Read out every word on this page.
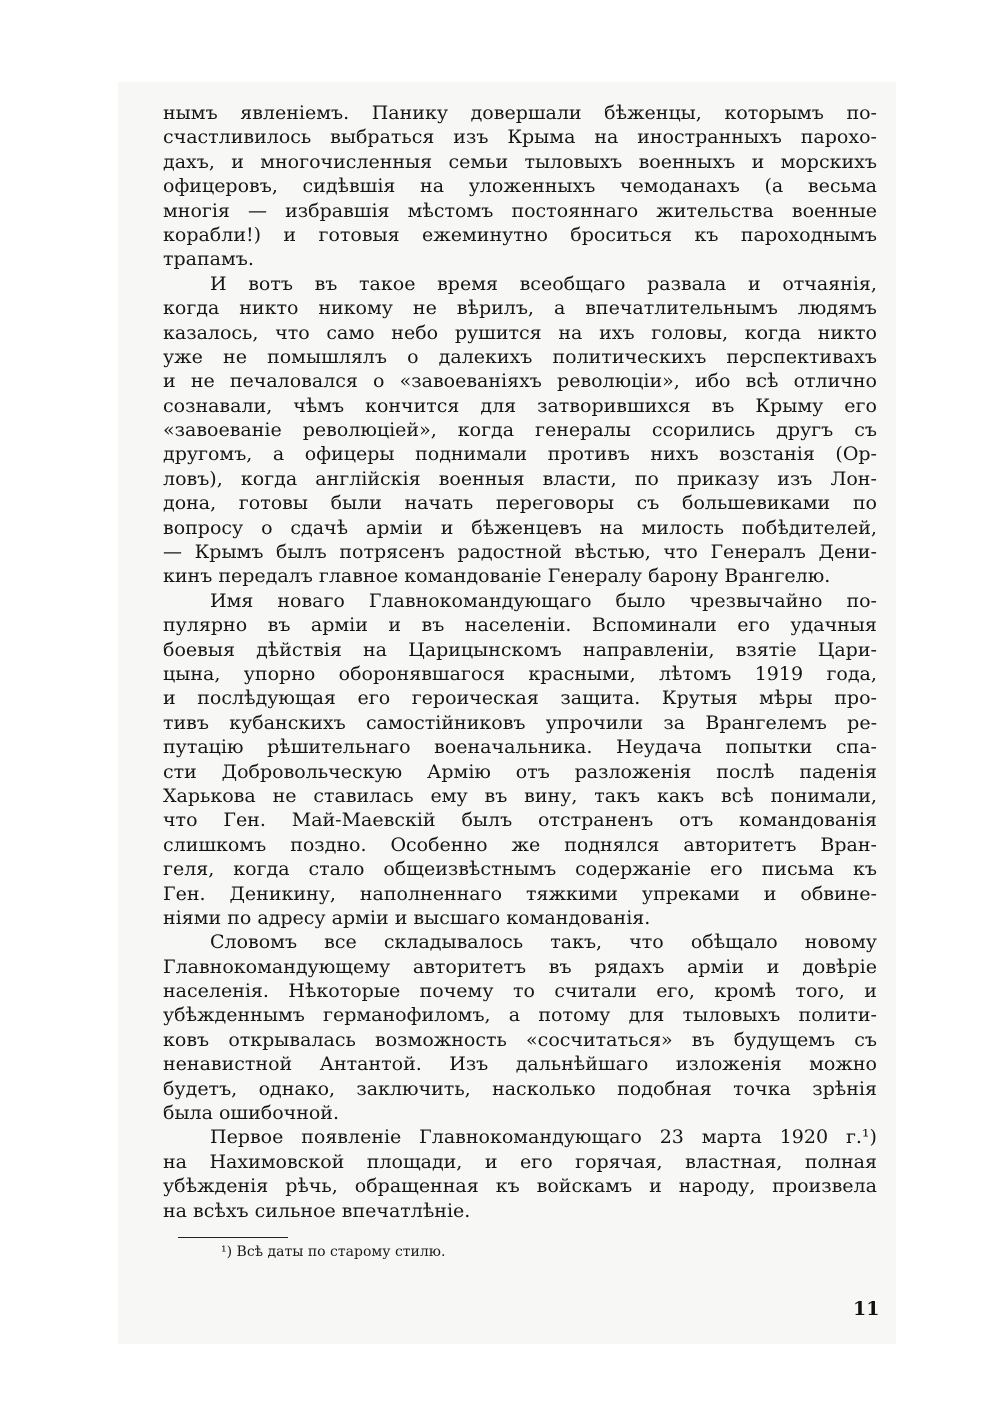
нымъ явленіемъ. Панику довершали бѣженцы, которымъ по-
счастливилось выбраться изъ Крыма на иностранныхъ парохо-
дахъ, и многочисленныя семьи тыловыхъ военныхъ и морскихъ
офицеровъ, сидѣвшія на уложенныхъ чемоданахъ (а весьма
многія — избравшія мѣстомъ постояннаго жительства военные
корабли!) и готовыя ежеминутно броситься къ пароходнымъ
трапамъ.
И вотъ въ такое время всеобщаго развала и отчаянія,
когда никто никому не вѣрилъ, а впечатлительнымъ людямъ
казалось, что само небо рушится на ихъ головы, когда никто
уже не помышлялъ о далекихъ политическихъ перспективахъ
и не печаловался о «завоеваніяхъ революціи», ибо всѣ отлично
сознавали, чѣмъ кончится для затворившихся въ Крыму его
«завоеваніе революціей», когда генералы ссорились другъ съ
другомъ, а офицеры поднимали противъ нихъ возстанія (Ор-
ловъ), когда англійскія военныя власти, по приказу изъ Лон-
дона, готовы были начать переговоры съ большевиками по
вопросу о сдачѣ арміи и бѣженцевъ на милость побѣдителей,
— Крымъ былъ потрясенъ радостной вѣстью, что Генералъ Дени-
кинъ передалъ главное командованіе Генералу барону Врангелю.
Имя новаго Главнокомандующаго было чрезвычайно по-
пулярно въ арміи и въ населеніи. Вспоминали его удачныя
боевыя дѣйствія на Царицынскомъ направленіи, взятіе Цари-
цына, упорно оборонявшагося красными, лѣтомъ 1919 года,
и послѣдующая его героическая защита. Крутыя мѣры про-
тивъ кубанскихъ самостійниковъ упрочили за Врангелемъ ре-
путацію рѣшительнаго военачальника. Неудача попытки спа-
сти Добровольческую Армію отъ разложенія послѣ паденія
Харькова не ставилась ему въ вину, такъ какъ всѣ понимали,
что Ген. Май-Маевскій былъ отстраненъ отъ командованія
слишкомъ поздно. Особенно же поднялся авторитетъ Вран-
геля, когда стало общеизвѣстнымъ содержаніе его письма къ
Ген. Деникину, наполненнаго тяжкими упреками и обвине-
ніями по адресу арміи и высшаго командованія.
Словомъ все складывалось такъ, что обѣщало новому
Главнокомандующему авторитетъ въ рядахъ арміи и довѣріе
населенія. Нѣкоторые почему то считали его, кромѣ того, и
убѣжденнымъ германофиломъ, а потому для тыловыхъ полити-
ковъ открывалась возможность «сосчитаться» въ будущемъ съ
ненавистной Антантой. Изъ дальнѣйшаго изложенія можно
будетъ, однако, заключить, насколько подобная точка зрѣнія
была ошибочной.
Первое появленіе Главнокомандующаго 23 марта 1920 г.¹)
на Нахимовской площади, и его горячая, властная, полная
убѣжденія рѣчь, обращенная къ войскамъ и народу, произвела
на всѣхъ сильное впечатлѣніе.
¹) Всѣ даты по старому стилю.
11
